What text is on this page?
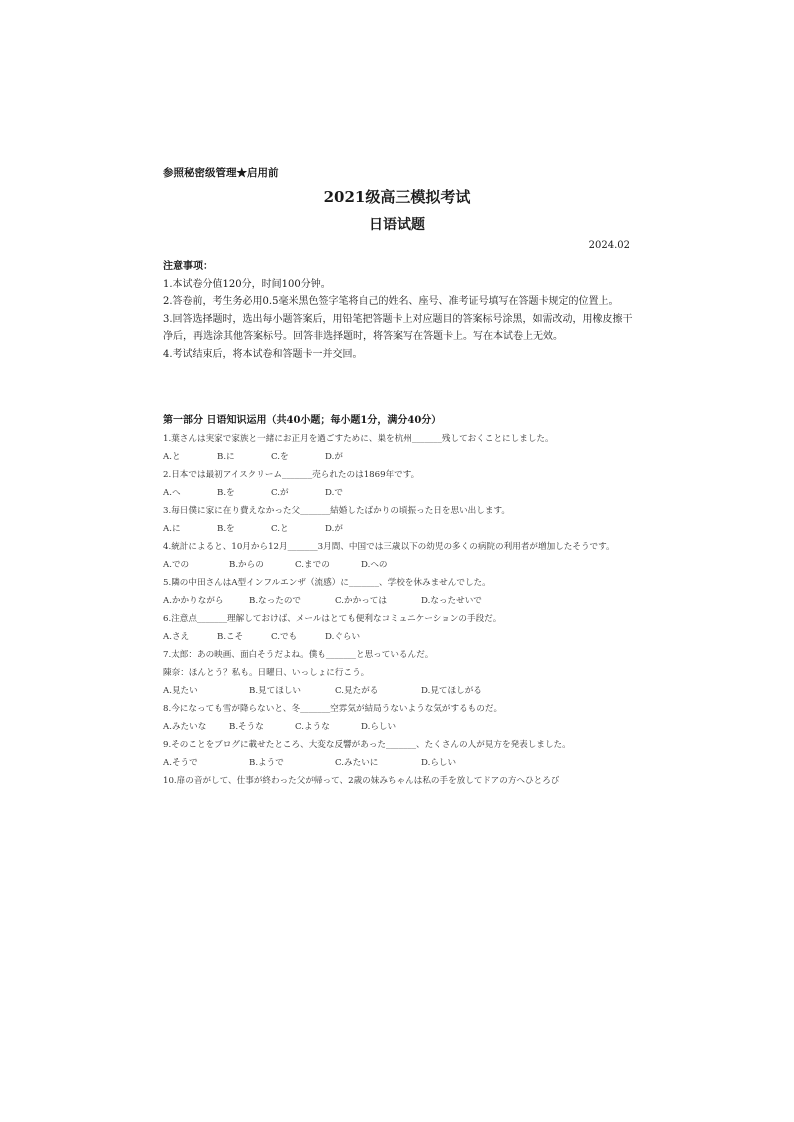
参照秘密级管理★启用前
2021级高三模拟考试
日语试题
2024.02
注意事项：
1.本试卷分值120分，时间100分钟。
2.答卷前，考生务必用0.5毫米黑色签字笔将自己的姓名、座号、准考证号填写在答题卡规定的位置上。
3.回答选择题时，选出每小题答案后，用铅笔把答题卡上对应题目的答案标号涂黑，如需改动，用橡皮擦干净后，再选涂其他答案标号。回答非选择题时，将答案写在答题卡上。写在本试卷上无效。
4.考试结束后，将本试卷和答题卡一并交回。
第一部分 日语知识运用（共40小题；每小题1分，满分40分）
1.葉さんは実家で家族と一緒にお正月を過ごすために、巣を杭州_______残しておくことにしました。
A.と	B.に	C.を	D.が
2.日本では最初アイスクリーム_______売られたのは1869年です。
A.へ	B.を	C.が	D.で
3.毎日僕に家に在り費えなかった父_______結婚したばかりの頃振った日を思い出します。
A.に	B.を	C.と	D.が
4.統計によると、10月から12月_______3月間、中国では三歳以下の幼児の多くの病院の利用者が増加したそうです。
A.での	B.からの	C.までの	D.への
5.隣の中田さんはA型インフルエンザ（流感）に_______、学校を休みませんでした。
A.かかりながら	B.なったので	C.かかっては	D.なったせいで
6.注意点_______理解しておけば、メールはとても便利なコミュニケーションの手段だ。
A.さえ	B.こそ	C.でも	D.ぐらい
7.太郎：あの映画、面白そうだよね。僕も_______と思っているんだ。
陳奈：ほんとう？私も。日曜日、いっしょに行こう。
A.見たい	B.見てほしい	C.見たがる	D.見てほしがる
8.今になっても雪が降らないと、冬_______空雰気が結局うないような気がするものだ。
A.みたいな	B.そうな	C.ような	D.らしい
9.そのことをブログに載せたところ、大変な反響があった_______、たくさんの人が見方を発表しました。
A.そうで	B.ようで	C.みたいに	D.らしい
10.扉の音がして、仕事が終わった父が帰って、2歳の妹みちゃんは私の手を放してドアの方へひとろび
